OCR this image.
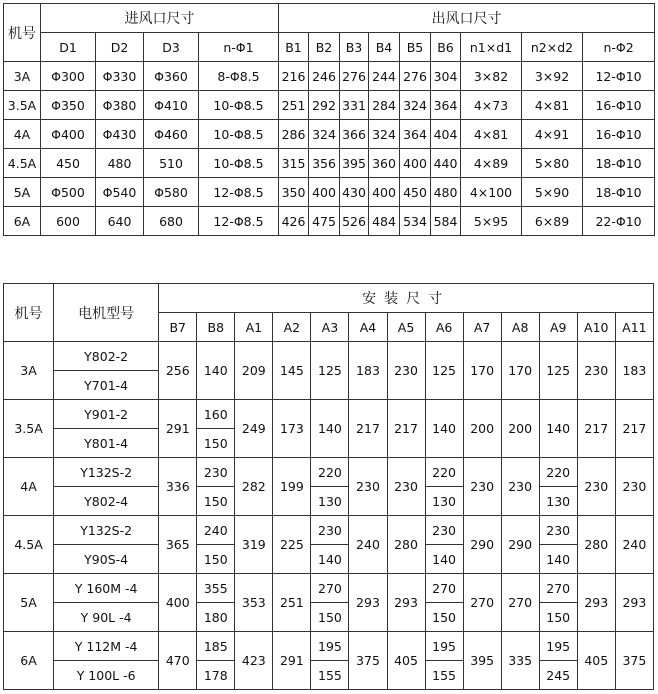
机号	进风口尺寸				出风口尺寸								
	D1	D2	D3	n-Φ1	B1	B2	B3	B4	B5	B6	n1×d1	n2×d2	n-Φ2
3A	Φ300	Φ330	Φ360	8-Φ8.5	216	246	276	244	276	304	3×82	3×92	12-Φ10
3.5A	Φ350	Φ380	Φ410	10-Φ8.5	251	292	331	284	324	364	4×73	4×81	16-Φ10
4A	Φ400	Φ430	Φ460	10-Φ8.5	286	324	366	324	364	404	4×81	4×91	16-Φ10
4.5A	450	480	510	10-Φ8.5	315	356	395	360	400	440	4×89	5×80	18-Φ10
5A	Φ500	Φ540	Φ580	12-Φ8.5	350	400	430	400	450	480	4×100	5×90	18-Φ10
6A	600	640	680	12-Φ8.5	426	475	526	484	534	584	5×95	6×89	22-Φ10
机号	电机型号	安装尺寸												
		B7	B8	A1	A2	A3	A4	A5	A6	A7	A8	A9	A10	A11
3A	Y802-2	256	140	209	145	125	183	230	125	170	170	125	230	183
	Y701-4													
3.5A	Y901-2	291	160	249	173	140	217	217	140	200	200	140	217	217
	Y801-4		150											
4A	Y132S-2	336	230	282	199	220	230	230	220	230	230	220	230	230
	Y802-4		150			130			130			130		
4.5A	Y132S-2	365	240	319	225	230	240	280	230	290	290	230	280	240
	Y90S-4		150			140			140			140		
5A	Y 160M -4	400	355	353	251	270	293	293	270	270	270	270	293	293
	Y 90L -4		180			150			150			150		
6A	Y 112M -4	470	185	423	291	195	375	405	195	395	335	195	405	375
	Y 100L -6		178			155			155			245		
